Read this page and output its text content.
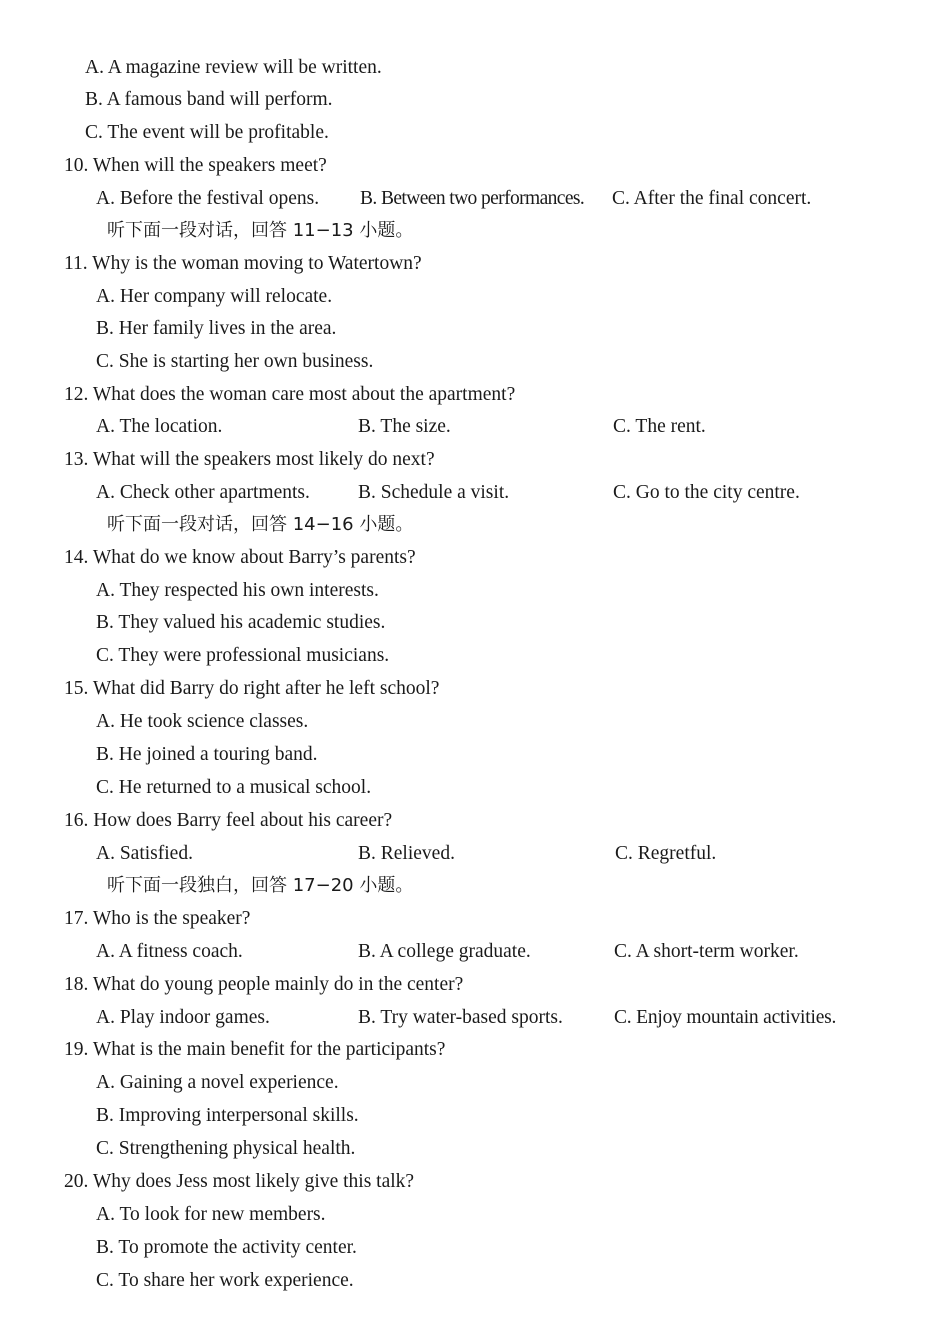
A. A magazine review will be written.
B. A famous band will perform.
C. The event will be profitable.
10. When will the speakers meet?
A. Before the festival opens. B. Between two performances. C. After the final concert.
听下面一段对话，回答 11−13 小题。
11. Why is the woman moving to Watertown?
A. Her company will relocate.
B. Her family lives in the area.
C. She is starting her own business.
12. What does the woman care most about the apartment?
A. The location.	B. The size.	C. The rent.
13. What will the speakers most likely do next?
A. Check other apartments. B. Schedule a visit.	C. Go to the city centre.
听下面一段对话，回答 14−16 小题。
14. What do we know about Barry’s parents?
A. They respected his own interests.
B. They valued his academic studies.
C. They were professional musicians.
15. What did Barry do right after he left school?
A. He took science classes.
B. He joined a touring band.
C. He returned to a musical school.
16. How does Barry feel about his career?
A. Satisfied.	B. Relieved.	C. Regretful.
听下面一段独白，回答 17−20 小题。
17. Who is the speaker?
A. A fitness coach.	B. A college graduate.	C. A short-term worker.
18. What do young people mainly do in the center?
A. Play indoor games.	B. Try water-based sports.	C. Enjoy mountain activities.
19. What is the main benefit for the participants?
A. Gaining a novel experience.
B. Improving interpersonal skills.
C. Strengthening physical health.
20. Why does Jess most likely give this talk?
A. To look for new members.
B. To promote the activity center.
C. To share her work experience.
